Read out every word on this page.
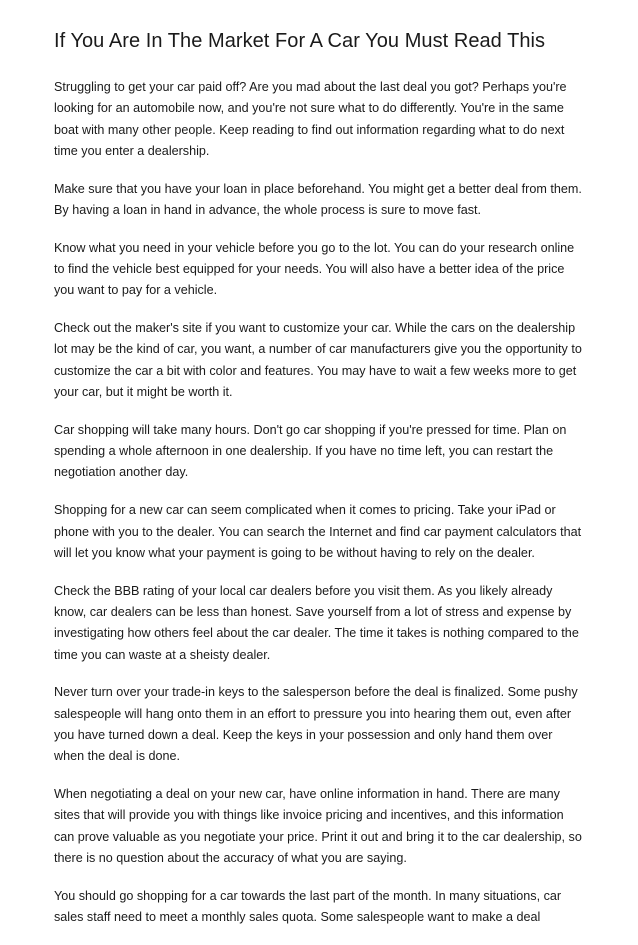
If You Are In The Market For A Car You Must Read This

Struggling to get your car paid off? Are you mad about the last deal you got? Perhaps you're looking for an automobile now, and you're not sure what to do differently. You're in the same boat with many other people. Keep reading to find out information regarding what to do next time you enter a dealership.

Make sure that you have your loan in place beforehand. You might get a better deal from them. By having a loan in hand in advance, the whole process is sure to move fast.

Know what you need in your vehicle before you go to the lot. You can do your research online to find the vehicle best equipped for your needs. You will also have a better idea of the price you want to pay for a vehicle.

Check out the maker's site if you want to customize your car. While the cars on the dealership lot may be the kind of car, you want, a number of car manufacturers give you the opportunity to customize the car a bit with color and features. You may have to wait a few weeks more to get your car, but it might be worth it.

Car shopping will take many hours. Don't go car shopping if you're pressed for time. Plan on spending a whole afternoon in one dealership. If you have no time left, you can restart the negotiation another day.

Shopping for a new car can seem complicated when it comes to pricing. Take your iPad or phone with you to the dealer. You can search the Internet and find car payment calculators that will let you know what your payment is going to be without having to rely on the dealer.

Check the BBB rating of your local car dealers before you visit them. As you likely already know, car dealers can be less than honest. Save yourself from a lot of stress and expense by investigating how others feel about the car dealer. The time it takes is nothing compared to the time you can waste at a sheisty dealer.

Never turn over your trade-in keys to the salesperson before the deal is finalized. Some pushy salespeople will hang onto them in an effort to pressure you into hearing them out, even after you have turned down a deal. Keep the keys in your possession and only hand them over when the deal is done.

When negotiating a deal on your new car, have online information in hand. There are many sites that will provide you with things like invoice pricing and incentives, and this information can prove valuable as you negotiate your price. Print it out and bring it to the car dealership, so there is no question about the accuracy of what you are saying.

You should go shopping for a car towards the last part of the month. In many situations, car sales staff need to meet a monthly sales quota. Some salespeople want to make a deal
